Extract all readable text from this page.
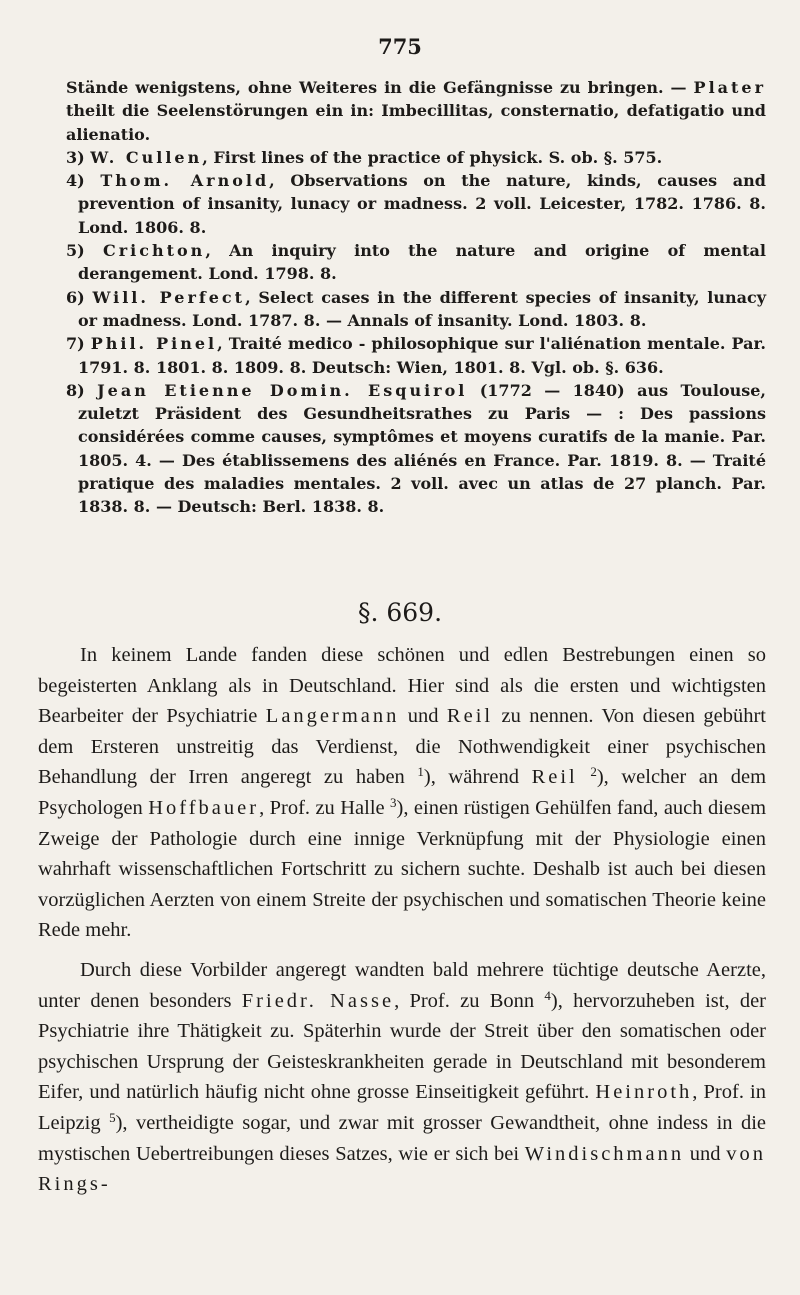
775

Stände wenigstens, ohne Weiteres in die Gefängnisse zu bringen. — Plater theilt die Seelenstörungen ein in: Imbecillitas, consternatio, defatigatio und alienatio.

3) W. Cullen, First lines of the practice of physick. S. ob. §. 575.

4) Thom. Arnold, Observations on the nature, kinds, causes and prevention of insanity, lunacy or madness. 2 voll. Leicester, 1782. 1786. 8. Lond. 1806. 8.

5) Crichton, An inquiry into the nature and origine of mental derangement. Lond. 1798. 8.

6) Will. Perfect, Select cases in the different species of insanity, lunacy or madness. Lond. 1787. 8. — Annals of insanity. Lond. 1803. 8.

7) Phil. Pinel, Traité medico - philosophique sur l'aliénation mentale. Par. 1791. 8. 1801. 8. 1809. 8. Deutsch: Wien, 1801. 8. Vgl. ob. §. 636.

8) Jean Etienne Domin. Esquirol (1772 — 1840) aus Toulouse, zuletzt Präsident des Gesundheitsrathes zu Paris — : Des passions considérées comme causes, symptômes et moyens curatifs de la manie. Par. 1805. 4. — Des établissemens des aliénés en France. Par. 1819. 8. — Traité pratique des maladies mentales. 2 voll. avec un atlas de 27 planch. Par. 1838. 8. — Deutsch: Berl. 1838. 8.

§. 669.

In keinem Lande fanden diese schönen und edlen Bestrebungen einen so begeisterten Anklang als in Deutschland. Hier sind als die ersten und wichtigsten Bearbeiter der Psychiatrie Langermann und Reil zu nennen. Von diesen gebührt dem Ersteren unstreitig das Verdienst, die Nothwendigkeit einer psychischen Behandlung der Irren angeregt zu haben $^1$), während Reil $^2$), welcher an dem Psychologen Hoffbauer, Prof. zu Halle $^3$), einen rüstigen Gehülfen fand, auch diesem Zweige der Pathologie durch eine innige Verknüpfung mit der Physiologie einen wahrhaft wissenschaftlichen Fortschritt zu sichern suchte. Deshalb ist auch bei diesen vorzüglichen Aerzten von einem Streite der psychischen und somatischen Theorie keine Rede mehr.

Durch diese Vorbilder angeregt wandten bald mehrere tüchtige deutsche Aerzte, unter denen besonders Friedr. Nasse, Prof. zu Bonn $^4$), hervorzuheben ist, der Psychiatrie ihre Thätigkeit zu. Späterhin wurde der Streit über den somatischen oder psychischen Ursprung der Geisteskrankheiten gerade in Deutschland mit besonderem Eifer, und natürlich häufig nicht ohne grosse Einseitigkeit geführt. Heinroth, Prof. in Leipzig $^5$), vertheidigte sogar, und zwar mit grosser Gewandtheit, ohne indess in die mystischen Uebertreibungen dieses Satzes, wie er sich bei Windischmann und von Rings-
